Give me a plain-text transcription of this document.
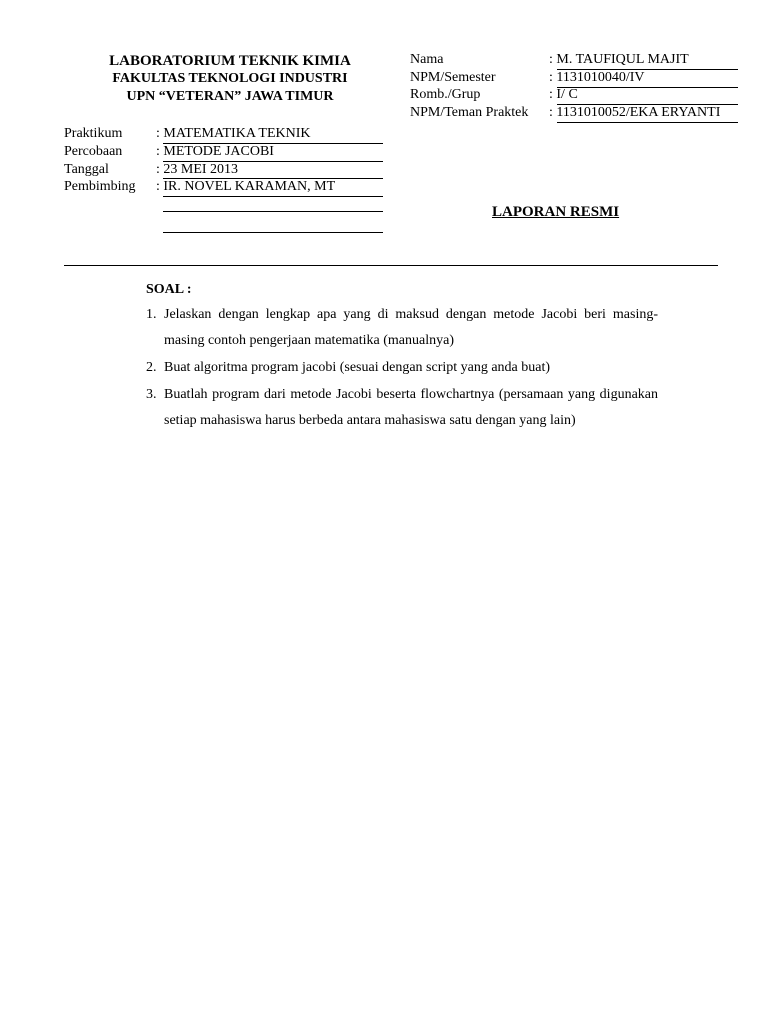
LABORATORIUM TEKNIK KIMIA
FAKULTAS TEKNOLOGI INDUSTRI
UPN “VETERAN” JAWA TIMUR
Nama	: M. TAUFIQUL MAJIT
NPM/Semester	: 1131010040/IV
Romb./Grup	: I/ C
NPM/Teman Praktek : 1131010052/EKA ERYANTI
Praktikum : MATEMATIKA TEKNIK
Percobaan : METODE JACOBI
Tanggal	: 23 MEI 2013
Pembimbing : IR. NOVEL KARAMAN, MT
LAPORAN RESMI
SOAL :
1. Jelaskan dengan lengkap apa yang di maksud dengan metode Jacobi beri masing-masing contoh pengerjaan matematika (manualnya)
2. Buat algoritma program jacobi (sesuai dengan script yang anda buat)
3. Buatlah program dari metode Jacobi beserta flowchartnya (persamaan yang digunakan setiap mahasiswa harus berbeda antara mahasiswa satu dengan yang lain)
